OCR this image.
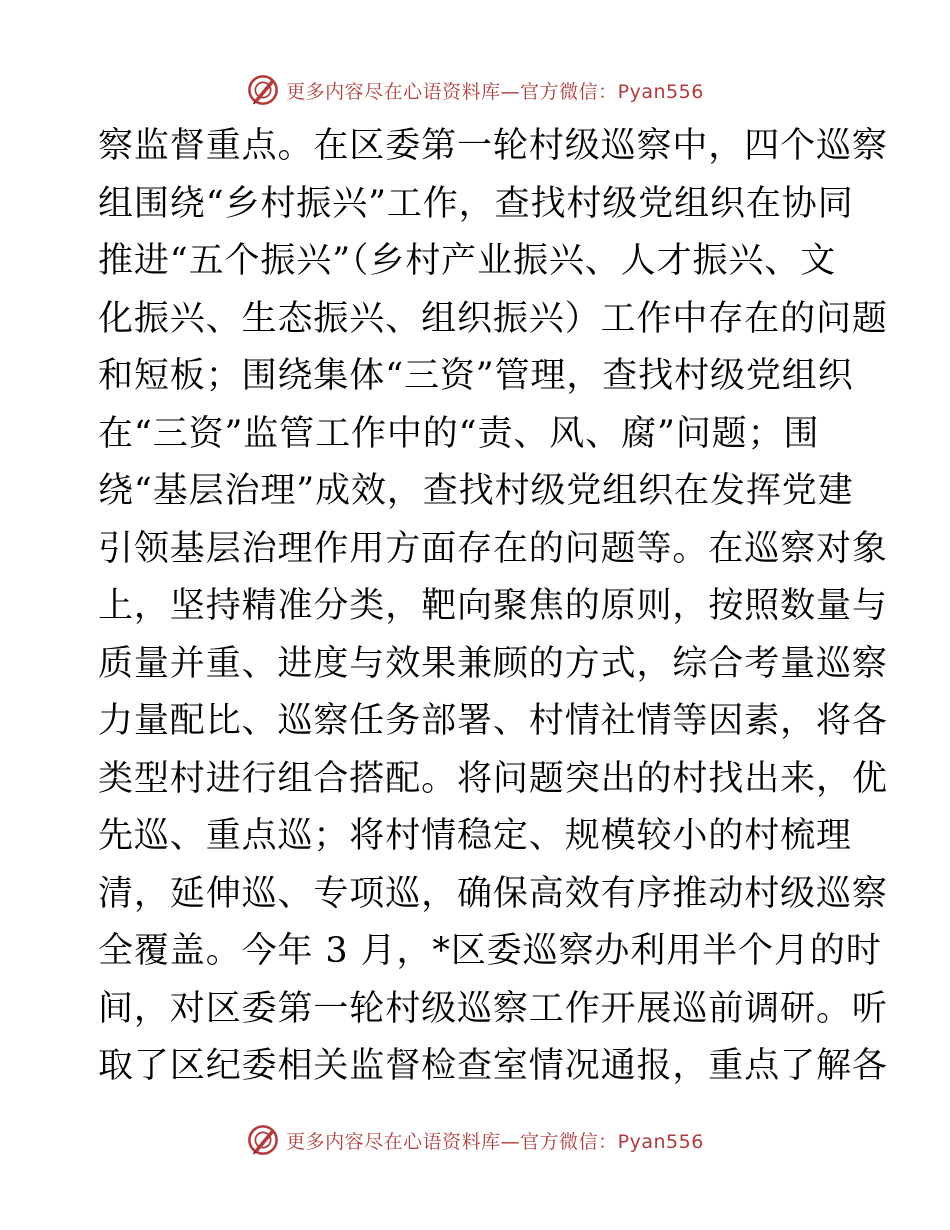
更多内容尽在心语资料库—官方微信：Pyan556
察监督重点。在区委第一轮村级巡察中，四个巡察
组围绕“乡村振兴”工作，查找村级党组织在协同
推进“五个振兴”（乡村产业振兴、人才振兴、文
化振兴、生态振兴、组织振兴）工作中存在的问题
和短板；围绕集体“三资”管理，查找村级党组织
在“三资”监管工作中的“责、风、腐”问题；围
绕“基层治理”成效，查找村级党组织在发挥党建
引领基层治理作用方面存在的问题等。在巡察对象
上，坚持精准分类，靶向聚焦的原则，按照数量与
质量并重、进度与效果兼顾的方式，综合考量巡察
力量配比、巡察任务部署、村情社情等因素，将各
类型村进行组合搭配。将问题突出的村找出来，优
先巡、重点巡；将村情稳定、规模较小的村梳理
清，延伸巡、专项巡，确保高效有序推动村级巡察
全覆盖。今年 3 月，*区委巡察办利用半个月的时
间，对区委第一轮村级巡察工作开展巡前调研。听
取了区纪委相关监督检查室情况通报，重点了解各
更多内容尽在心语资料库—官方微信：Pyan556
